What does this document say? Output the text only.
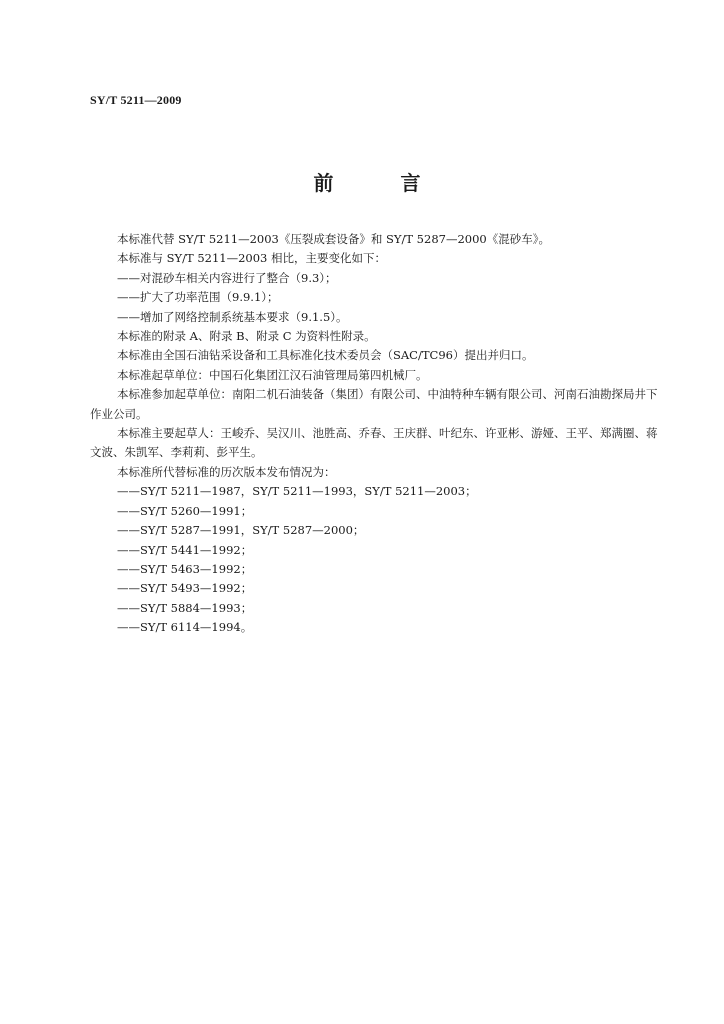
SY/T 5211—2009
前 言

本标准代替 SY/T 5211—2003《压裂成套设备》和 SY/T 5287—2000《混砂车》。

本标准与 SY/T 5211—2003 相比，主要变化如下：

——对混砂车相关内容进行了整合（9.3）；

——扩大了功率范围（9.9.1）；

——增加了网络控制系统基本要求（9.1.5）。

本标准的附录 A、附录 B、附录 C 为资料性附录。

本标准由全国石油钻采设备和工具标准化技术委员会（SAC/TC96）提出并归口。

本标准起草单位：中国石化集团江汉石油管理局第四机械厂。

本标准参加起草单位：南阳二机石油装备（集团）有限公司、中油特种车辆有限公司、河南石油勘探局井下作业公司。

本标准主要起草人：王峻乔、吴汉川、池胜高、乔春、王庆群、叶纪东、许亚彬、游娅、王平、郑满圈、蒋文波、朱凯军、李莉莉、彭平生。

本标准所代替标准的历次版本发布情况为：

——SY/T 5211—1987，SY/T 5211—1993，SY/T 5211—2003；

——SY/T 5260—1991；

——SY/T 5287—1991，SY/T 5287—2000；

——SY/T 5441—1992；

——SY/T 5463—1992；

——SY/T 5493—1992；

——SY/T 5884—1993；

——SY/T 6114—1994。
